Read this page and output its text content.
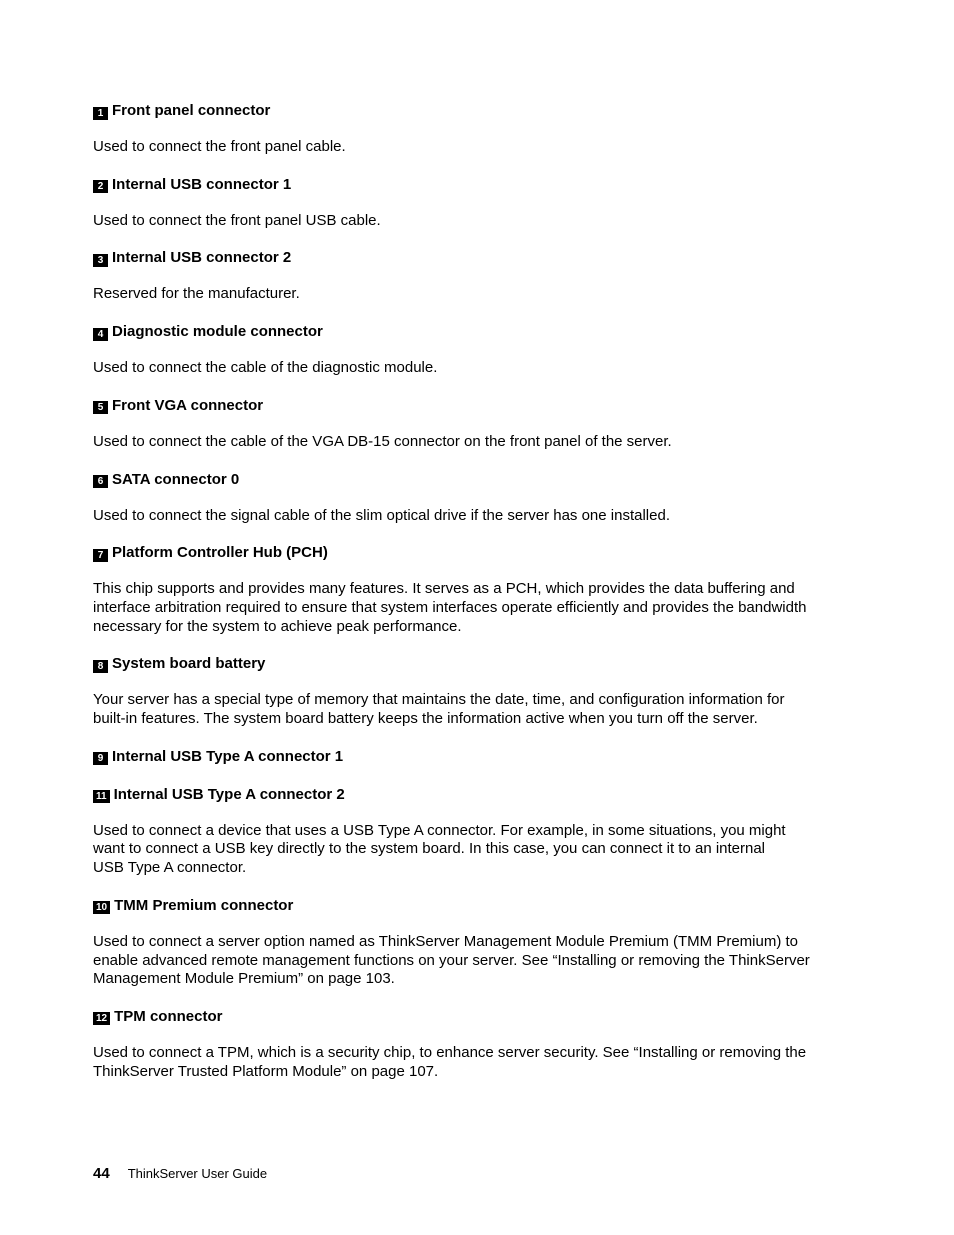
1 Front panel connector

Used to connect the front panel cable.

2 Internal USB connector 1

Used to connect the front panel USB cable.

3 Internal USB connector 2

Reserved for the manufacturer.

4 Diagnostic module connector

Used to connect the cable of the diagnostic module.

5 Front VGA connector

Used to connect the cable of the VGA DB-15 connector on the front panel of the server.

6 SATA connector 0

Used to connect the signal cable of the slim optical drive if the server has one installed.

7 Platform Controller Hub (PCH)

This chip supports and provides many features. It serves as a PCH, which provides the data buffering and
interface arbitration required to ensure that system interfaces operate efficiently and provides the bandwidth
necessary for the system to achieve peak performance.

8 System board battery

Your server has a special type of memory that maintains the date, time, and configuration information for
built-in features. The system board battery keeps the information active when you turn off the server.

9 Internal USB Type A connector 1
11 Internal USB Type A connector 2

Used to connect a device that uses a USB Type A connector. For example, in some situations, you might
want to connect a USB key directly to the system board. In this case, you can connect it to an internal
USB Type A connector.

10 TMM Premium connector

Used to connect a server option named as ThinkServer Management Module Premium (TMM Premium) to
enable advanced remote management functions on your server. See “Installing or removing the ThinkServer
Management Module Premium” on page 103.

12 TPM connector

Used to connect a TPM, which is a security chip, to enhance server security. See “Installing or removing the
ThinkServer Trusted Platform Module” on page 107.

44 ThinkServer User Guide
